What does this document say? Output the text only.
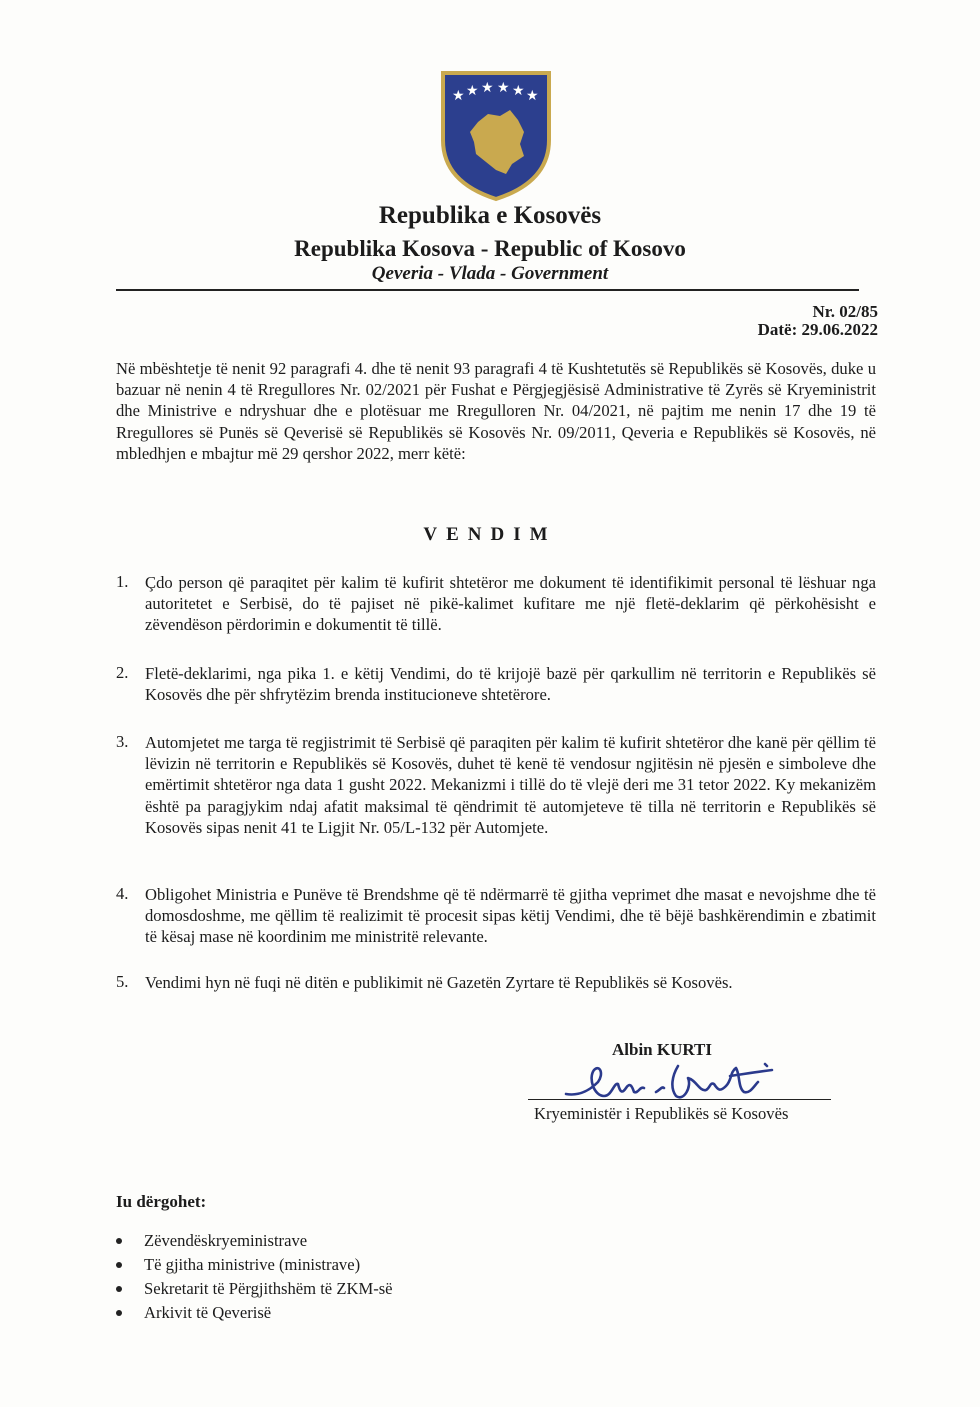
★ ★ ★ ★ ★ ★
Republika e Kosovës
Republika Kosova - Republic of Kosovo
Qeveria - Vlada - Government
Nr. 02/85
Datë: 29.06.2022
Në mbështetje të nenit 92 paragrafi 4. dhe të nenit 93 paragrafi 4 të Kushtetutës së Republikës së Kosovës, duke u bazuar në nenin 4 të Rregullores Nr. 02/2021 për Fushat e Përgjegjësisë Administrative të Zyrës së Kryeministrit dhe Ministrive e ndryshuar dhe e plotësuar me Rregulloren Nr. 04/2021, në pajtim me nenin 17 dhe 19 të Rregullores së Punës së Qeverisë së Republikës së Kosovës Nr. 09/2011, Qeveria e Republikës së Kosovës, në mbledhjen e mbajtur më 29 qershor 2022, merr këtë:
VENDIM
1. Çdo person që paraqitet për kalim të kufirit shtetëror me dokument të identifikimit personal të lëshuar nga autoritetet e Serbisë, do të pajiset në pikë-kalimet kufitare me një fletë-deklarim që përkohësisht e zëvendëson përdorimin e dokumentit të tillë.
2. Fletë-deklarimi, nga pika 1. e këtij Vendimi, do të krijojë bazë për qarkullim në territorin e Republikës së Kosovës dhe për shfrytëzim brenda institucioneve shtetërore.
3. Automjetet me targa të regjistrimit të Serbisë që paraqiten për kalim të kufirit shtetëror dhe kanë për qëllim të lëvizin në territorin e Republikës së Kosovës, duhet të kenë të vendosur ngjitësin në pjesën e simboleve dhe emërtimit shtetëror nga data 1 gusht 2022. Mekanizmi i tillë do të vlejë deri me 31 tetor 2022. Ky mekanizëm është pa paragjykim ndaj afatit maksimal të qëndrimit të automjeteve të tilla në territorin e Republikës së Kosovës sipas nenit 41 te Ligjit Nr. 05/L-132 për Automjete.
4. Obligohet Ministria e Punëve të Brendshme që të ndërmarrë të gjitha veprimet dhe masat e nevojshme dhe të domosdoshme, me qëllim të realizimit të procesit sipas këtij Vendimi, dhe të bëjë bashkërendimin e zbatimit të kësaj mase në koordinim me ministritë relevante.
5. Vendimi hyn në fuqi në ditën e publikimit në Gazetën Zyrtare të Republikës së Kosovës.
Albin KURTI
Kryeministër i Republikës së Kosovës
Iu dërgohet:
Zëvendëskryeministrave
Të gjitha ministrive (ministrave)
Sekretarit të Përgjithshëm të ZKM-së
Arkivit të Qeverisë
